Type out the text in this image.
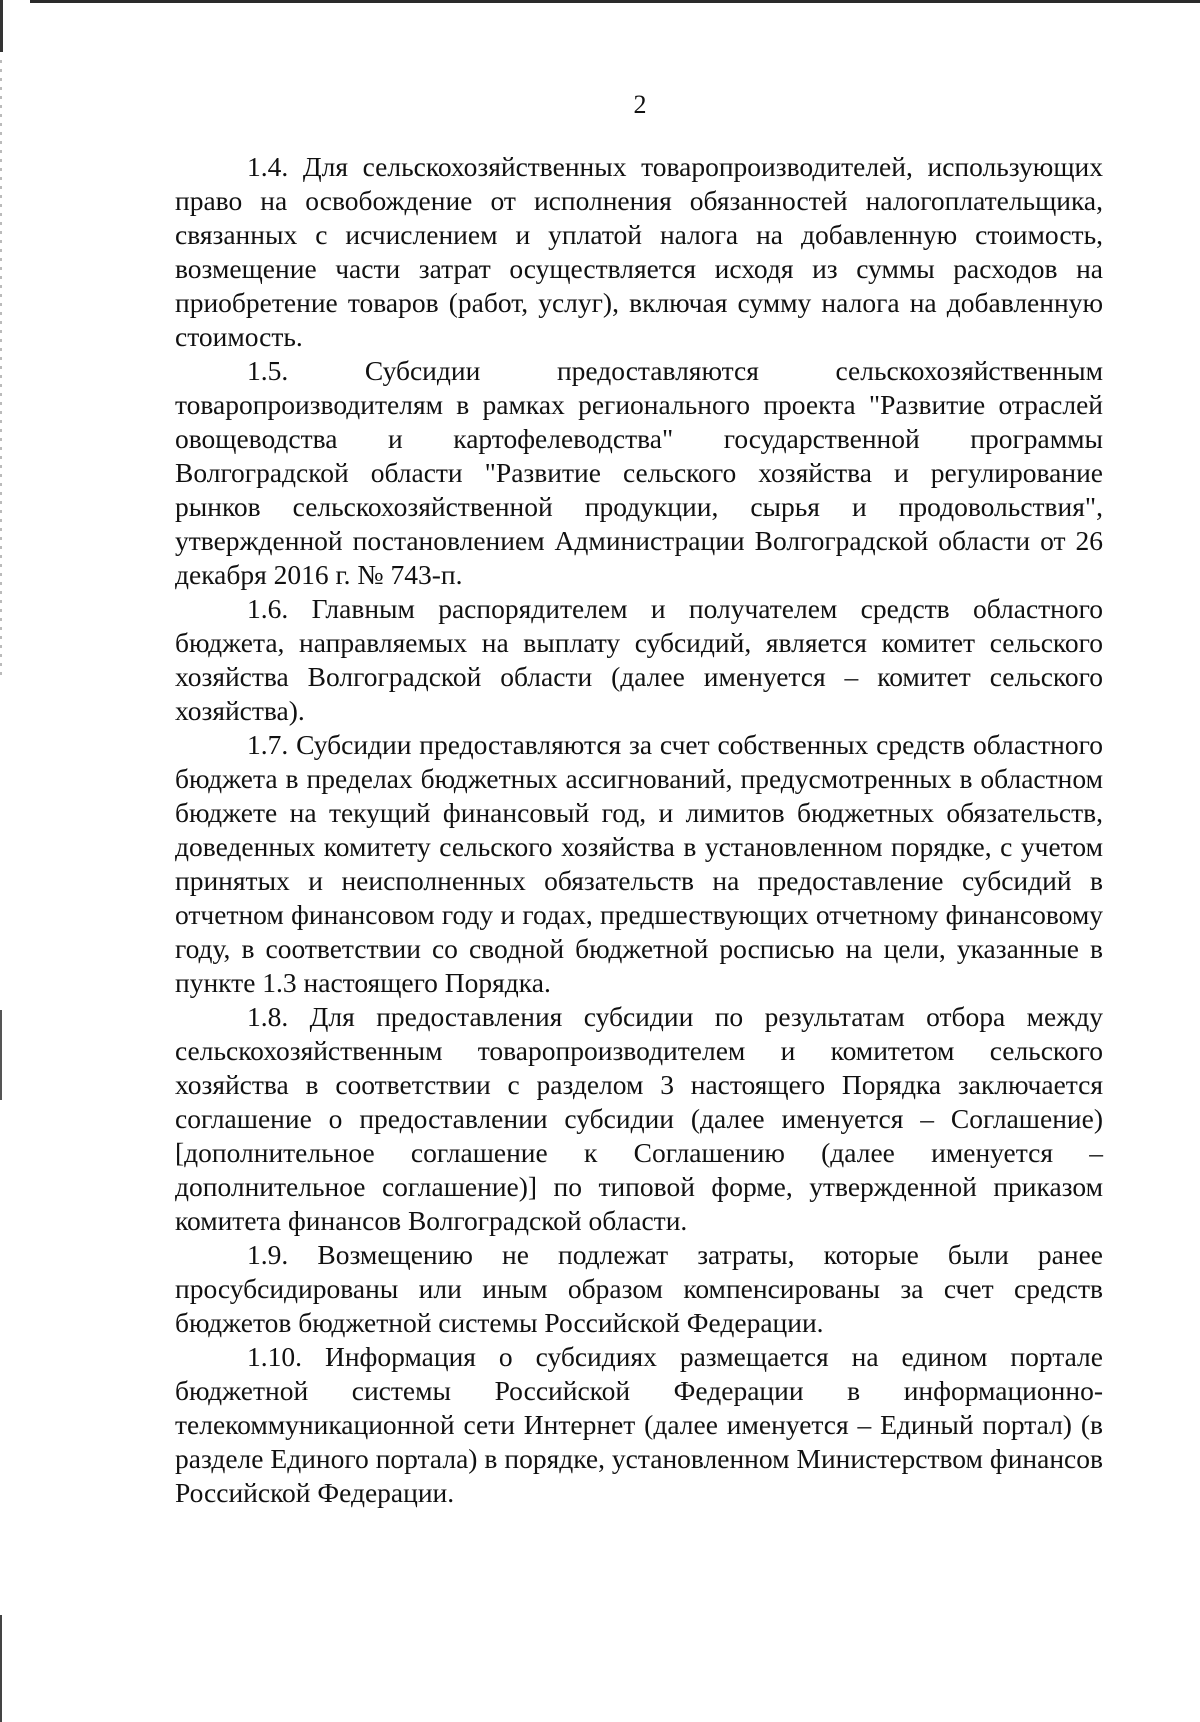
2

1.4. Для сельскохозяйственных товаропроизводителей, использующих право на освобождение от исполнения обязанностей налогоплательщика, связанных с исчислением и уплатой налога на добавленную стоимость, возмещение части затрат осуществляется исходя из суммы расходов на приобретение товаров (работ, услуг), включая сумму налога на добавленную стоимость.

1.5. Субсидии предоставляются сельскохозяйственным товаропроизводителям в рамках регионального проекта "Развитие отраслей овощеводства и картофелеводства" государственной программы Волгоградской области "Развитие сельского хозяйства и регулирование рынков сельскохозяйственной продукции, сырья и продовольствия", утвержденной постановлением Администрации Волгоградской области от 26 декабря 2016 г. № 743-п.

1.6. Главным распорядителем и получателем средств областного бюджета, направляемых на выплату субсидий, является комитет сельского хозяйства Волгоградской области (далее именуется – комитет сельского хозяйства).

1.7. Субсидии предоставляются за счет собственных средств областного бюджета в пределах бюджетных ассигнований, предусмотренных в областном бюджете на текущий финансовый год, и лимитов бюджетных обязательств, доведенных комитету сельского хозяйства в установленном порядке, с учетом принятых и неисполненных обязательств на предоставление субсидий в отчетном финансовом году и годах, предшествующих отчетному финансовому году, в соответствии со сводной бюджетной росписью на цели, указанные в пункте 1.3 настоящего Порядка.

1.8. Для предоставления субсидии по результатам отбора между сельскохозяйственным товаропроизводителем и комитетом сельского хозяйства в соответствии с разделом 3 настоящего Порядка заключается соглашение о предоставлении субсидии (далее именуется – Соглашение) [дополнительное соглашение к Соглашению (далее именуется – дополнительное соглашение)] по типовой форме, утвержденной приказом комитета финансов Волгоградской области.

1.9. Возмещению не подлежат затраты, которые были ранее просубсидированы или иным образом компенсированы за счет средств бюджетов бюджетной системы Российской Федерации.

1.10. Информация о субсидиях размещается на едином портале бюджетной системы Российской Федерации в информационно-телекоммуникационной сети Интернет (далее именуется – Единый портал) (в разделе Единого портала) в порядке, установленном Министерством финансов Российской Федерации.
